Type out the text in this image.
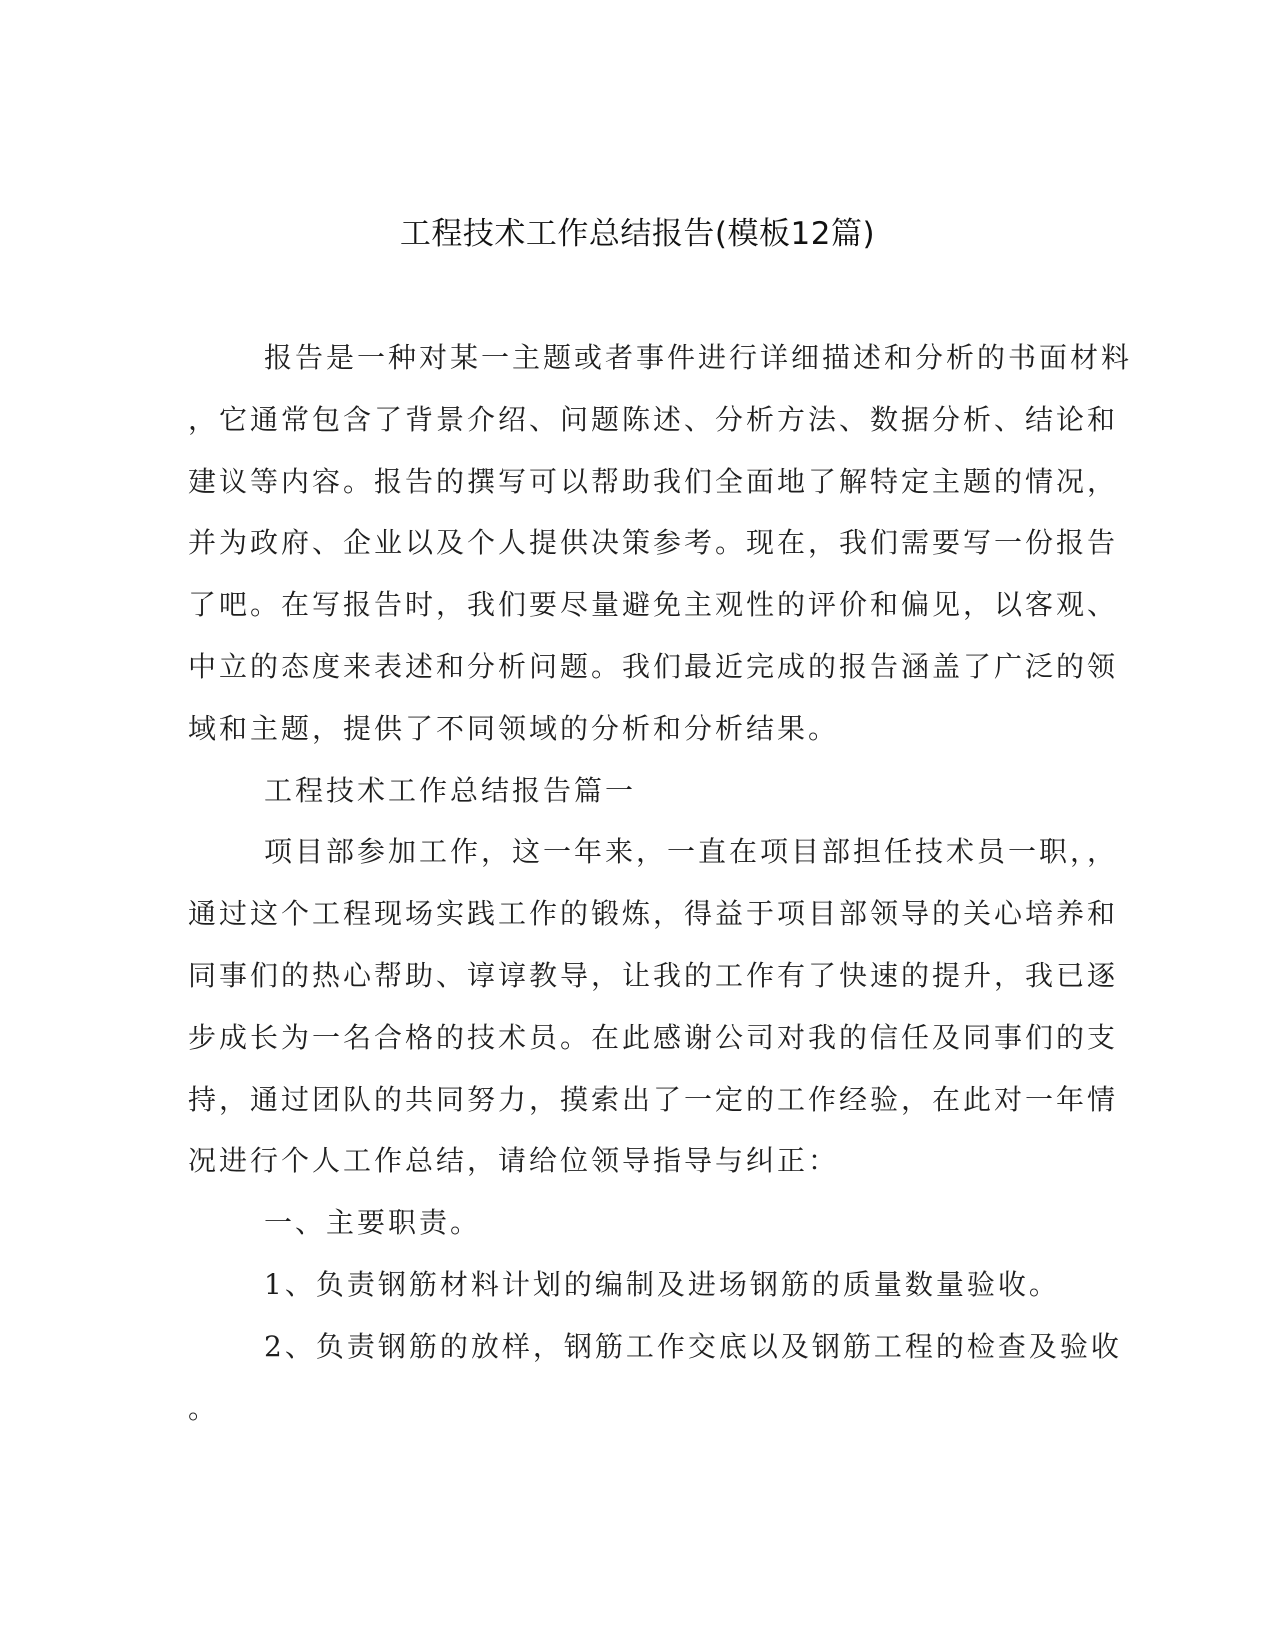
工程技术工作总结报告(模板12篇)
报告是一种对某一主题或者事件进行详细描述和分析的书面材料
，它通常包含了背景介绍、问题陈述、分析方法、数据分析、结论和
建议等内容。报告的撰写可以帮助我们全面地了解特定主题的情况，
并为政府、企业以及个人提供决策参考。现在，我们需要写一份报告
了吧。在写报告时，我们要尽量避免主观性的评价和偏见，以客观、
中立的态度来表述和分析问题。我们最近完成的报告涵盖了广泛的领
域和主题，提供了不同领域的分析和分析结果。
工程技术工作总结报告篇一
项目部参加工作，这一年来，一直在项目部担任技术员一职，，
通过这个工程现场实践工作的锻炼，得益于项目部领导的关心培养和
同事们的热心帮助、谆谆教导，让我的工作有了快速的提升，我已逐
步成长为一名合格的技术员。在此感谢公司对我的信任及同事们的支
持，通过团队的共同努力，摸索出了一定的工作经验，在此对一年情
况进行个人工作总结，请给位领导指导与纠正：
一、主要职责。
1、负责钢筋材料计划的编制及进场钢筋的质量数量验收。
2、负责钢筋的放样，钢筋工作交底以及钢筋工程的检查及验收
。
